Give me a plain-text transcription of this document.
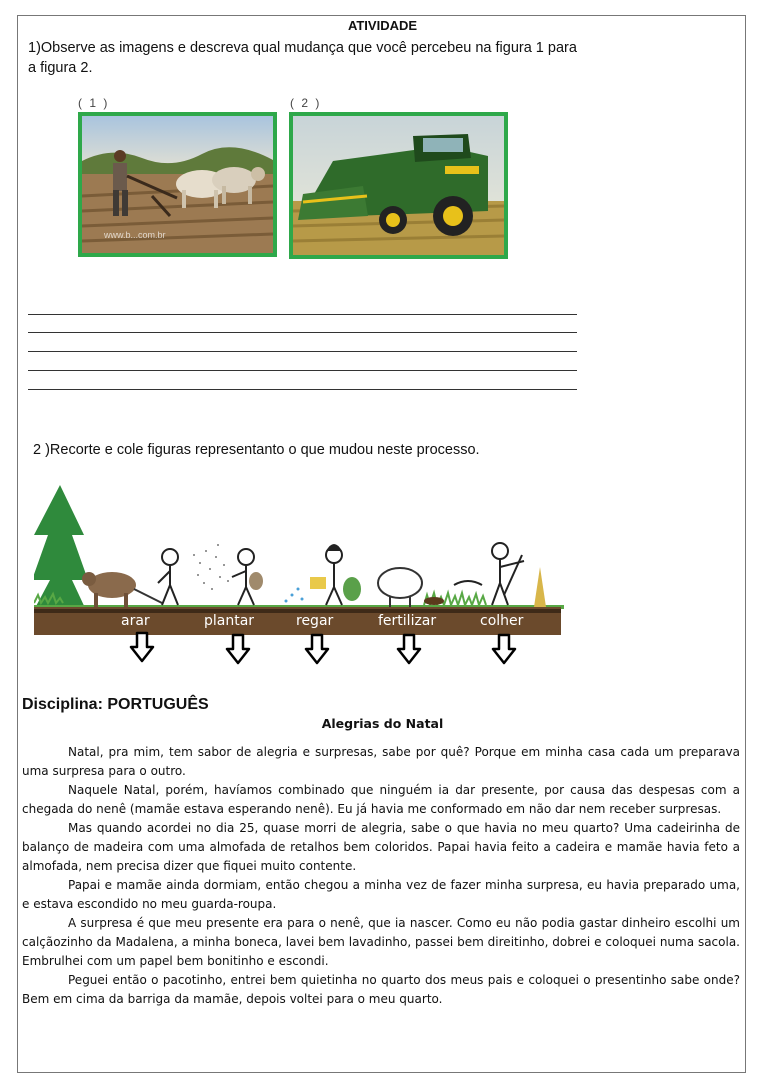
ATIVIDADE
1)Observe as imagens e descreva qual mudança que você percebeu na figura 1 para a figura 2.
( 1 )	( 2 )
www.b...com.br
2 )Recorte e cole figuras representanto o que mudou neste processo.
arar	plantar	regar	fertilizar	colher
Disciplina: PORTUGUÊS
Alegrias do Natal

Natal, pra mim, tem sabor de alegria e surpresas, sabe por quê? Porque em minha casa cada um preparava uma surpresa para o outro.

Naquele Natal, porém, havíamos combinado que ninguém ia dar presente, por causa das despesas com a chegada do nenê (mamãe estava esperando nenê). Eu já havia me conformado em não dar nem receber surpresas.

Mas quando acordei no dia 25, quase morri de alegria, sabe o que havia no meu quarto? Uma cadeirinha de balanço de madeira com uma almofada de retalhos bem coloridos. Papai havia feito a cadeira e mamãe havia feto a almofada, nem precisa dizer que fiquei muito contente.

Papai e mamãe ainda dormiam, então chegou a minha vez de fazer minha surpresa, eu havia preparado uma, e estava escondido no meu guarda-roupa.

A surpresa é que meu presente era para o nenê, que ia nascer. Como eu não podia gastar dinheiro escolhi um calçãozinho da Madalena, a minha boneca, lavei bem lavadinho, passei bem direitinho, dobrei e coloquei numa sacola. Embrulhei com um papel bem bonitinho e escondi.

Peguei então o pacotinho, entrei bem quietinha no quarto dos meus pais e coloquei o presentinho sabe onde? Bem em cima da barriga da mamãe, depois voltei para o meu quarto.
